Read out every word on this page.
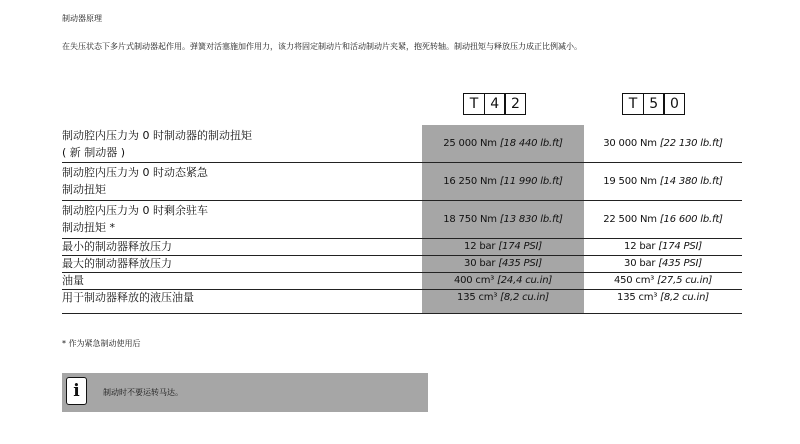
制动器原理
在失压状态下多片式制动器起作用。弹簧对活塞施加作用力，该力将固定制动片和活动制动片夹紧，抱死转轴。制动扭矩与释放压力成正比例减小。
T 4 2	T 5 0
制动腔内压力为 0 时制动器的制动扭矩
( 新 制动器 )
25 000 Nm [18 440 lb.ft]	30 000 Nm [22 130 lb.ft]
制动腔内压力为 0 时动态紧急
制动扭矩
16 250 Nm [11 990 lb.ft]	19 500 Nm [14 380 lb.ft]
制动腔内压力为 0 时剩余驻车
制动扭矩 *
18 750 Nm [13 830 lb.ft]	22 500 Nm [16 600 lb.ft]
最小的制动器释放压力	12 bar [174 PSI]	12 bar [174 PSI]
最大的制动器释放压力	30 bar [435 PSI]	30 bar [435 PSI]
油量	400 cm³ [24,4 cu.in]	450 cm³ [27,5 cu.in]
用于制动器释放的液压油量	135 cm³ [8,2 cu.in]	135 cm³ [8,2 cu.in]
* 作为紧急制动使用后
i	制动时不要运转马达。
